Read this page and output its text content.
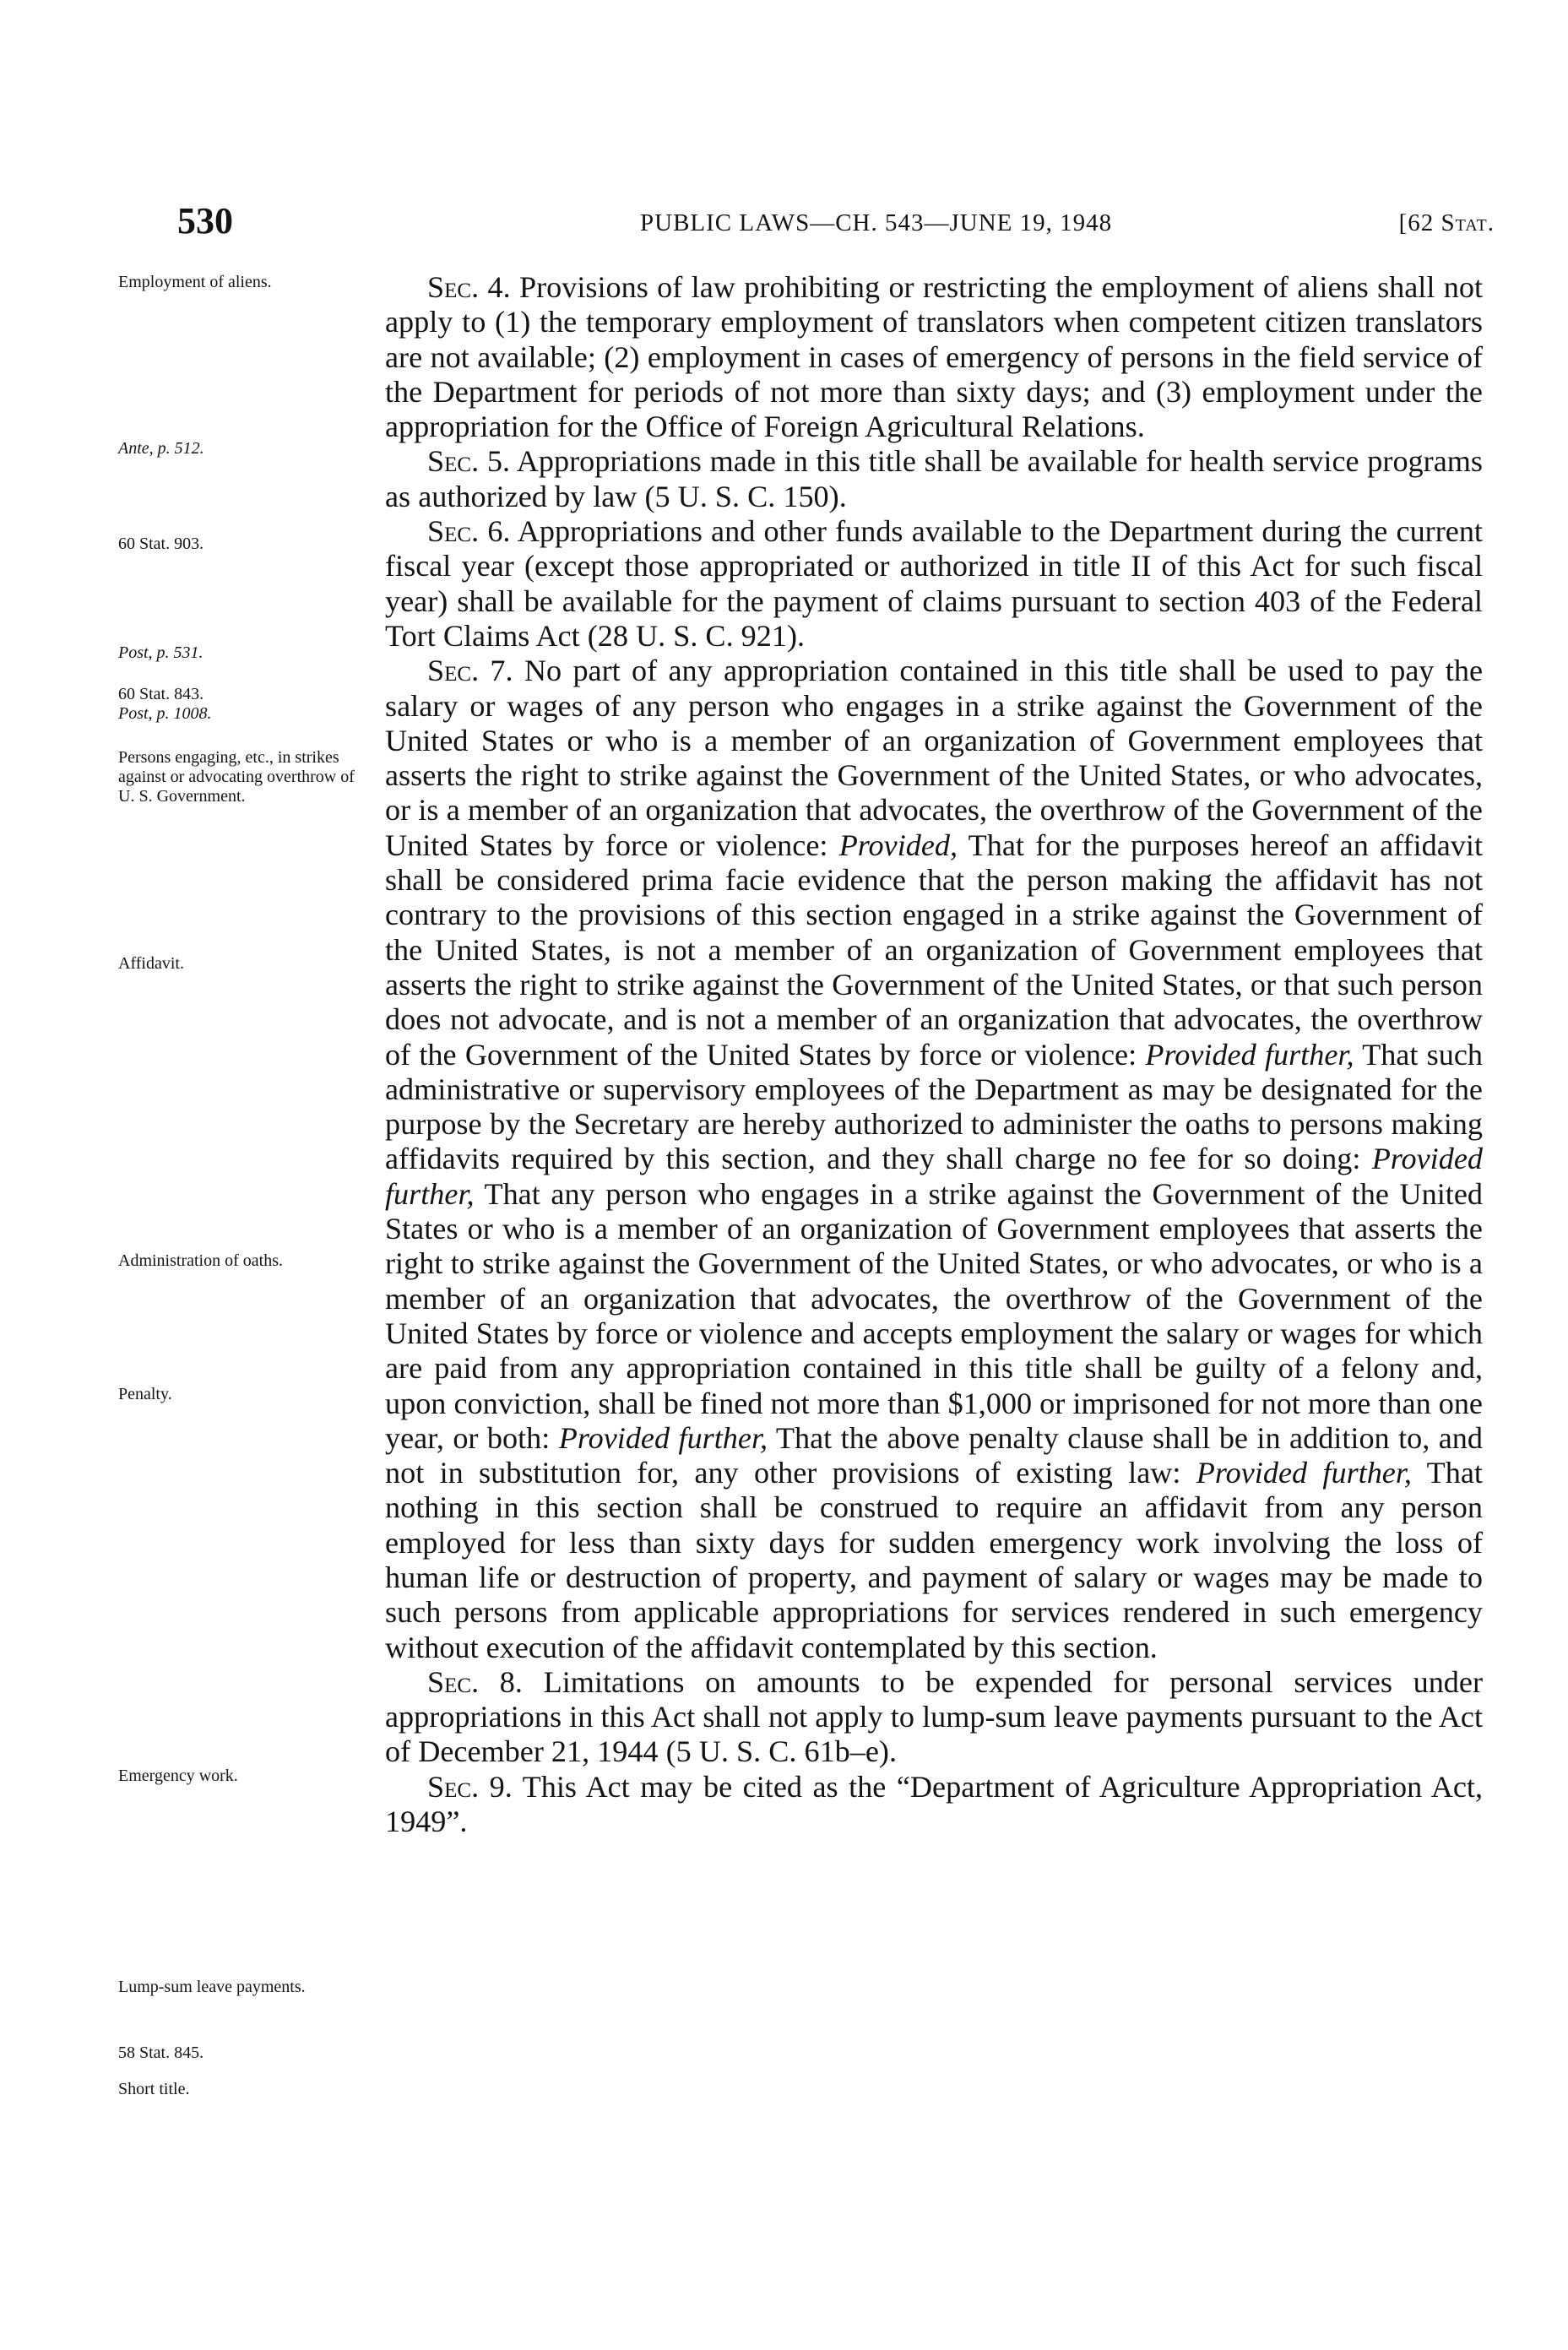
530	PUBLIC LAWS—CH. 543—JUNE 19, 1948	[62 Stat.
Employment of aliens.
Ante, p. 512.
60 Stat. 903.
Post, p. 531.
60 Stat. 843.
Post, p. 1008.
Persons engaging, etc., in strikes against or advocating overthrow of U. S. Government.
Affidavit.
Administration of oaths.
Penalty.
Emergency work.
Lump-sum leave payments.
58 Stat. 845.
Short title.

Sec. 4. Provisions of law prohibiting or restricting the employment of aliens shall not apply to (1) the temporary employment of translators when competent citizen translators are not available; (2) employment in cases of emergency of persons in the field service of the Department for periods of not more than sixty days; and (3) employment under the appropriation for the Office of Foreign Agricultural Relations.

Sec. 5. Appropriations made in this title shall be available for health service programs as authorized by law (5 U. S. C. 150).

Sec. 6. Appropriations and other funds available to the Department during the current fiscal year (except those appropriated or authorized in title II of this Act for such fiscal year) shall be available for the payment of claims pursuant to section 403 of the Federal Tort Claims Act (28 U. S. C. 921).

Sec. 7. No part of any appropriation contained in this title shall be used to pay the salary or wages of any person who engages in a strike against the Government of the United States or who is a member of an organization of Government employees that asserts the right to strike against the Government of the United States, or who advocates, or is a member of an organization that advocates, the overthrow of the Government of the United States by force or violence: Provided, That for the purposes hereof an affidavit shall be considered prima facie evidence that the person making the affidavit has not contrary to the provisions of this section engaged in a strike against the Government of the United States, is not a member of an organization of Government employees that asserts the right to strike against the Government of the United States, or that such person does not advocate, and is not a member of an organization that advocates, the overthrow of the Government of the United States by force or violence: Provided further, That such administrative or supervisory employees of the Department as may be designated for the purpose by the Secretary are hereby authorized to administer the oaths to persons making affidavits required by this section, and they shall charge no fee for so doing: Provided further, That any person who engages in a strike against the Government of the United States or who is a member of an organization of Government employees that asserts the right to strike against the Government of the United States, or who advocates, or who is a member of an organization that advocates, the overthrow of the Government of the United States by force or violence and accepts employment the salary or wages for which are paid from any appropriation contained in this title shall be guilty of a felony and, upon conviction, shall be fined not more than $1,000 or imprisoned for not more than one year, or both: Provided further, That the above penalty clause shall be in addition to, and not in substitution for, any other provisions of existing law: Provided further, That nothing in this section shall be construed to require an affidavit from any person employed for less than sixty days for sudden emergency work involving the loss of human life or destruction of property, and payment of salary or wages may be made to such persons from applicable appropriations for services rendered in such emergency without execution of the affidavit contemplated by this section.

Sec. 8. Limitations on amounts to be expended for personal services under appropriations in this Act shall not apply to lump-sum leave payments pursuant to the Act of December 21, 1944 (5 U. S. C. 61b–e).

Sec. 9. This Act may be cited as the “Department of Agriculture Appropriation Act, 1949”.
